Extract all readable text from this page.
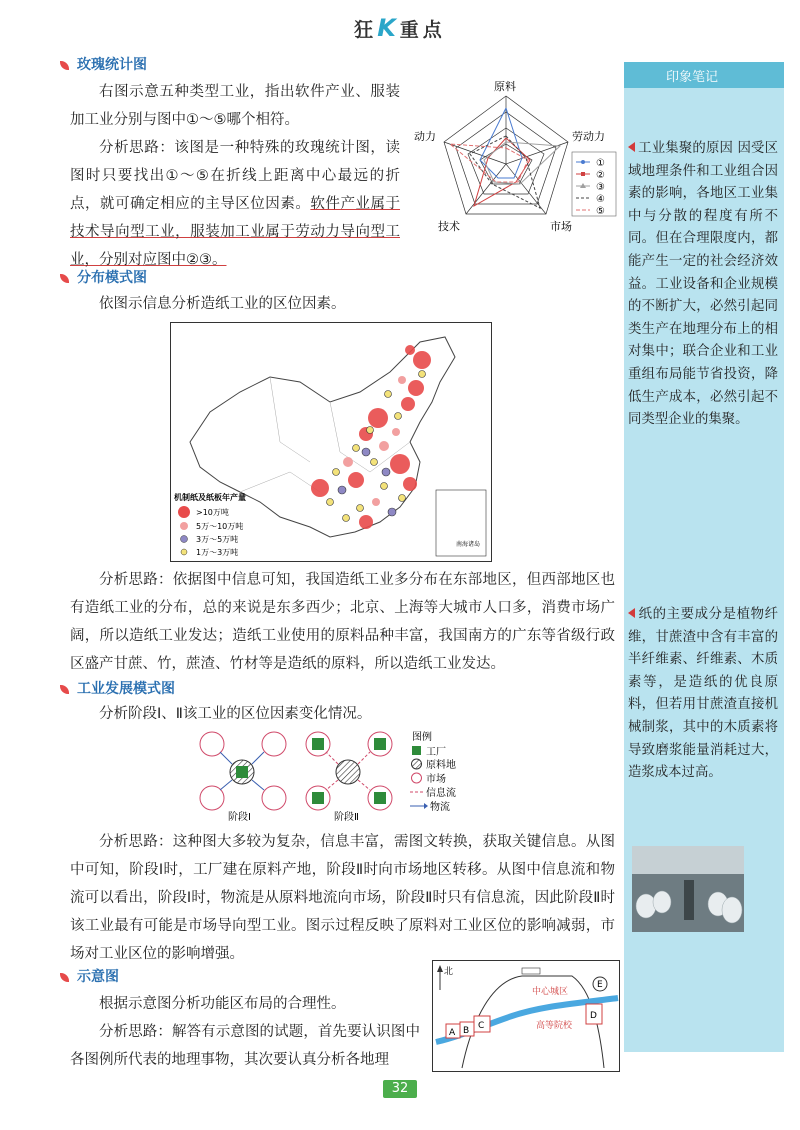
狂K重点
玫瑰统计图

右图示意五种类型工业，指出软件产业、服装加工业分别与图中①～⑤哪个相符。

分析思路：该图是一种特殊的玫瑰统计图，读图时只要找出①～⑤在折线上距离中心最远的折点，就可确定相应的主导区位因素。软件产业属于技术导向型工业，服装加工业属于劳动力导向型工业，分别对应图中②③。

原料
劳动力
市场
技术
动力
①
②
③
④
⑤
分布模式图

依图示信息分析造纸工业的区位因素。

南海诸岛
机制纸及纸板年产量
>10万吨
5万～10万吨
3万～5万吨
1万～3万吨

分析思路：依据图中信息可知，我国造纸工业多分布在东部地区，但西部地区也有造纸工业的分布，总的来说是东多西少；北京、上海等大城市人口多，消费市场广阔，所以造纸工业发达；造纸工业使用的原料品种丰富，我国南方的广东等省级行政区盛产甘蔗、竹，蔗渣、竹材等是造纸的原料，所以造纸工业发达。

工业发展模式图

分析阶段Ⅰ、Ⅱ该工业的区位因素变化情况。

阶段Ⅰ	阶段Ⅱ
图例
工厂
原料地
市场
信息流
物流

分析思路：这种图大多较为复杂，信息丰富，需图文转换，获取关键信息。从图中可知，阶段Ⅰ时，工厂建在原料产地，阶段Ⅱ时向市场地区转移。从图中信息流和物流可以看出，阶段Ⅰ时，物流是从原料地流向市场，阶段Ⅱ时只有信息流，因此阶段Ⅱ时该工业最有可能是市场导向型工业。图示过程反映了原料对工业区位的影响减弱，市场对工业区位的影响增强。

示意图

根据示意图分析功能区布局的合理性。

分析思路：解答有示意图的试题，首先要认识图中各图例所代表的地理事物，其次要认真分析各地理

北
中心城区
高等院校
A B C
D
E
印象笔记
工业集聚的原因 因受区域地理条件和工业组合因素的影响，各地区工业集中与分散的程度有所不同。但在合理限度内，都能产生一定的社会经济效益。工业设备和企业规模的不断扩大，必然引起同类生产在地理分布上的相对集中；联合企业和工业重组布局能节省投资，降低生产成本，必然引起不同类型企业的集聚。
纸的主要成分是植物纤维，甘蔗渣中含有丰富的半纤维素、纤维素、木质素等，是造纸的优良原料，但若用甘蔗渣直接机械制浆，其中的木质素将导致磨浆能量消耗过大，造浆成本过高。
32
